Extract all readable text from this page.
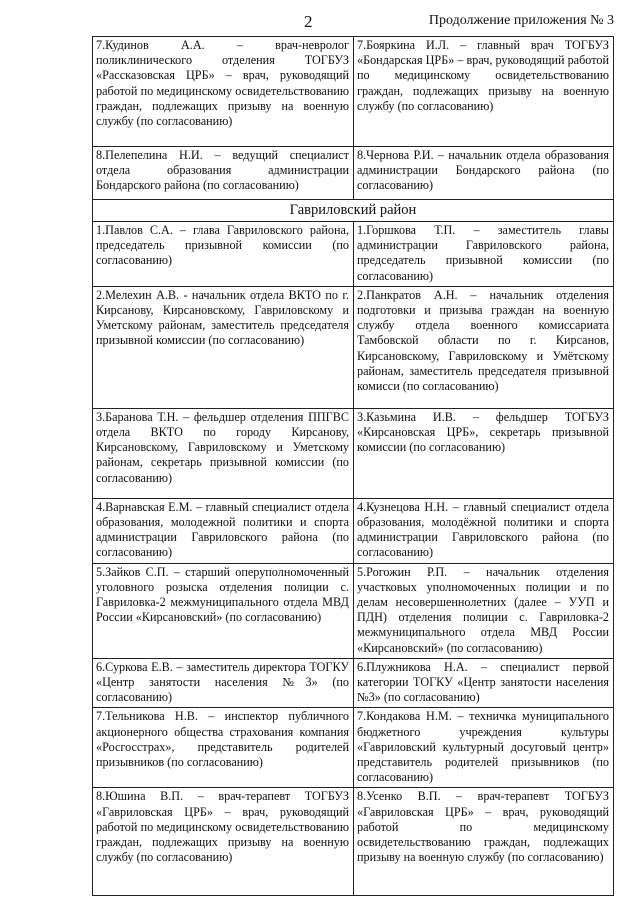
2	Продолжение приложения № 3
7.Кудинов А.А. – врач-невролог поликлинического отделения ТОГБУЗ «Рассказовская ЦРБ» – врач, руководящий работой по медицинскому освидетельствованию граждан, подлежащих призыву на военную службу (по согласованию)	7.Бояркина И.Л. – главный врач ТОГБУЗ «Бондарская ЦРБ» – врач, руководящий работой по медицинскому освидетельствованию граждан, подлежащих призыву на военную службу (по согласованию)
8.Пелепелина Н.И. – ведущий специалист отдела образования администрации Бондарского района (по согласованию)	8.Чернова Р.И. – начальник отдела образования администрации Бондарского района (по согласованию)
Гавриловский район	
1.Павлов С.А. – глава Гавриловского района, председатель призывной комиссии (по согласованию)	1.Горшкова Т.П. – заместитель главы администрации Гавриловского района, председатель призывной комиссии (по согласованию)
2.Мелехин А.В. - начальник отдела ВКТО по г. Кирсанову, Кирсановскому, Гавриловскому и Уметскому районам, заместитель председателя призывной комиссии (по согласованию)	2.Панкратов А.Н. – начальник отделения подготовки и призыва граждан на военную службу отдела военного комиссариата Тамбовской области по г. Кирсанов, Кирсановскому, Гавриловскому и Умётскому районам, заместитель председателя призывной комисси (по согласованию)
3.Баранова Т.Н. – фельдшер отделения ППГВС отдела ВКТО по городу Кирсанову, Кирсановскому, Гавриловскому и Уметскому районам, секретарь призывной комиссии (по согласованию)	3.Казьмина И.В. – фельдшер ТОГБУЗ «Кирсановская ЦРБ», секретарь призывной комиссии (по согласованию)
4.Варнавская Е.М. – главный специалист отдела образования, молодежной политики и спорта администрации Гавриловского района (по согласованию)	4.Кузнецова Н.Н. – главный специалист отдела образования, молодёжной политики и спорта администрации Гавриловского района (по согласованию)
5.Зайков С.П. – старший оперуполномоченный уголовного розыска отделения полиции с. Гавриловка-2 межмуниципального отдела МВД России «Кирсановский» (по согласованию)	5.Рогожин Р.П. – начальник отделения участковых уполномоченных полиции и по делам несовершеннолетних (далее – УУП и ПДН) отделения полиции с. Гавриловка-2 межмуниципального отдела МВД России «Кирсановский» (по согласованию)
6.Суркова Е.В. – заместитель директора ТОГКУ «Центр занятости населения №3» (по согласованию)	6.Плужникова Н.А. – специалист первой категории ТОГКУ «Центр занятости населения №3» (по согласованию)
7.Тельникова Н.В. – инспектор публичного акционерного общества страхования компания «Росгосстрах», представитель родителей призывников (по согласованию)	7.Кондакова Н.М. – техничка муниципального бюджетного учреждения культуры «Гавриловский культурный досуговый центр» представитель родителей призывников (по согласованию)
8.Юшина В.П. – врач-терапевт ТОГБУЗ «Гавриловская ЦРБ» – врач, руководящий работой по медицинскому освидетельствованию граждан, подлежащих призыву на военную службу (по согласованию)	8.Усенко В.П. – врач-терапевт ТОГБУЗ «Гавриловская ЦРБ» – врач, руководящий работой по медицинскому освидетельствованию граждан, подлежащих призыву на военную службу (по согласованию)
